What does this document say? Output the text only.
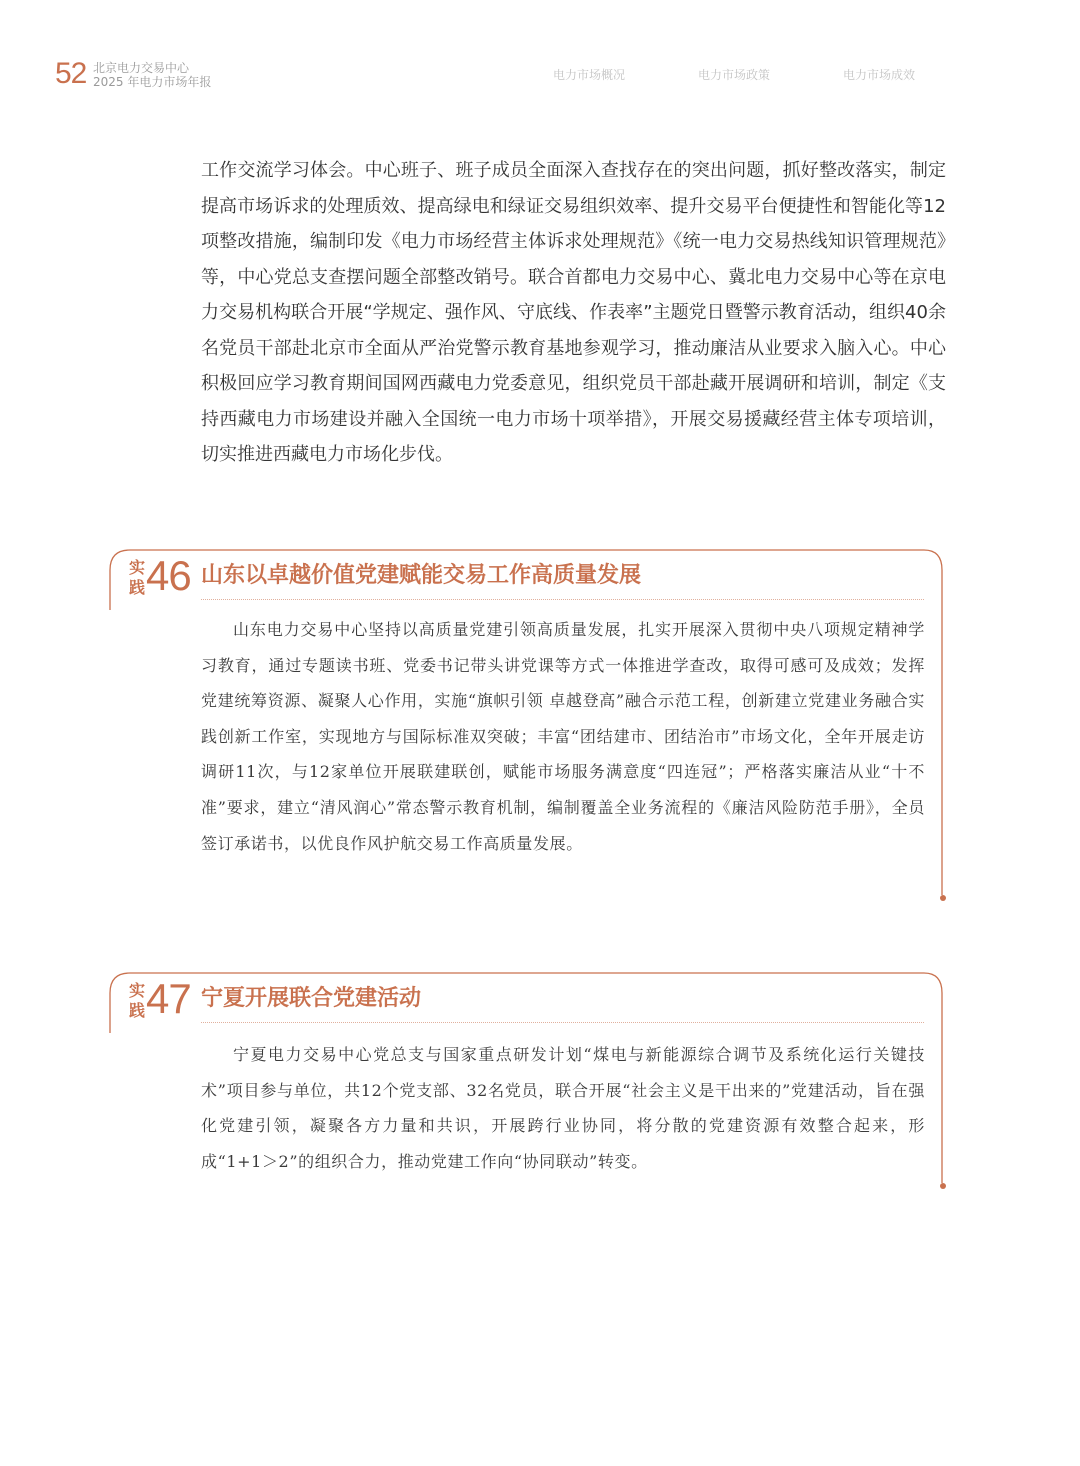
52 北京电力交易中心
2025 年电力市场年报	电力市场概况	电力市场政策	电力市场成效

工作交流学习体会。中心班子、班子成员全面深入查找存在的突出问题，抓好整改落实，制定提高市场诉求的处理质效、提高绿电和绿证交易组织效率、提升交易平台便捷性和智能化等12项整改措施，编制印发《电力市场经营主体诉求处理规范》《统一电力交易热线知识管理规范》等，中心党总支查摆问题全部整改销号。联合首都电力交易中心、冀北电力交易中心等在京电力交易机构联合开展“学规定、强作风、守底线、作表率”主题党日暨警示教育活动，组织40余名党员干部赴北京市全面从严治党警示教育基地参观学习，推动廉洁从业要求入脑入心。中心积极回应学习教育期间国网西藏电力党委意见，组织党员干部赴藏开展调研和培训，制定《支持西藏电力市场建设并融入全国统一电力市场十项举措》，开展交易援藏经营主体专项培训，切实推进西藏电力市场化步伐。

实
践 46 山东以卓越价值党建赋能交易工作高质量发展

山东电力交易中心坚持以高质量党建引领高质量发展，扎实开展深入贯彻中央八项规定精神学习教育，通过专题读书班、党委书记带头讲党课等方式一体推进学查改，取得可感可及成效；发挥党建统筹资源、凝聚人心作用，实施“旗帜引领 卓越登高”融合示范工程，创新建立党建业务融合实践创新工作室，实现地方与国际标准双突破；丰富“团结建市、团结治市”市场文化，全年开展走访调研11次，与12家单位开展联建联创，赋能市场服务满意度“四连冠”；严格落实廉洁从业“十不准”要求，建立“清风润心”常态警示教育机制，编制覆盖全业务流程的《廉洁风险防范手册》，全员签订承诺书，以优良作风护航交易工作高质量发展。

实
践 47 宁夏开展联合党建活动

宁夏电力交易中心党总支与国家重点研发计划“煤电与新能源综合调节及系统化运行关键技术”项目参与单位，共12个党支部、32名党员，联合开展“社会主义是干出来的”党建活动，旨在强化党建引领，凝聚各方力量和共识，开展跨行业协同，将分散的党建资源有效整合起来，形成“1+1＞2”的组织合力，推动党建工作向“协同联动”转变。
